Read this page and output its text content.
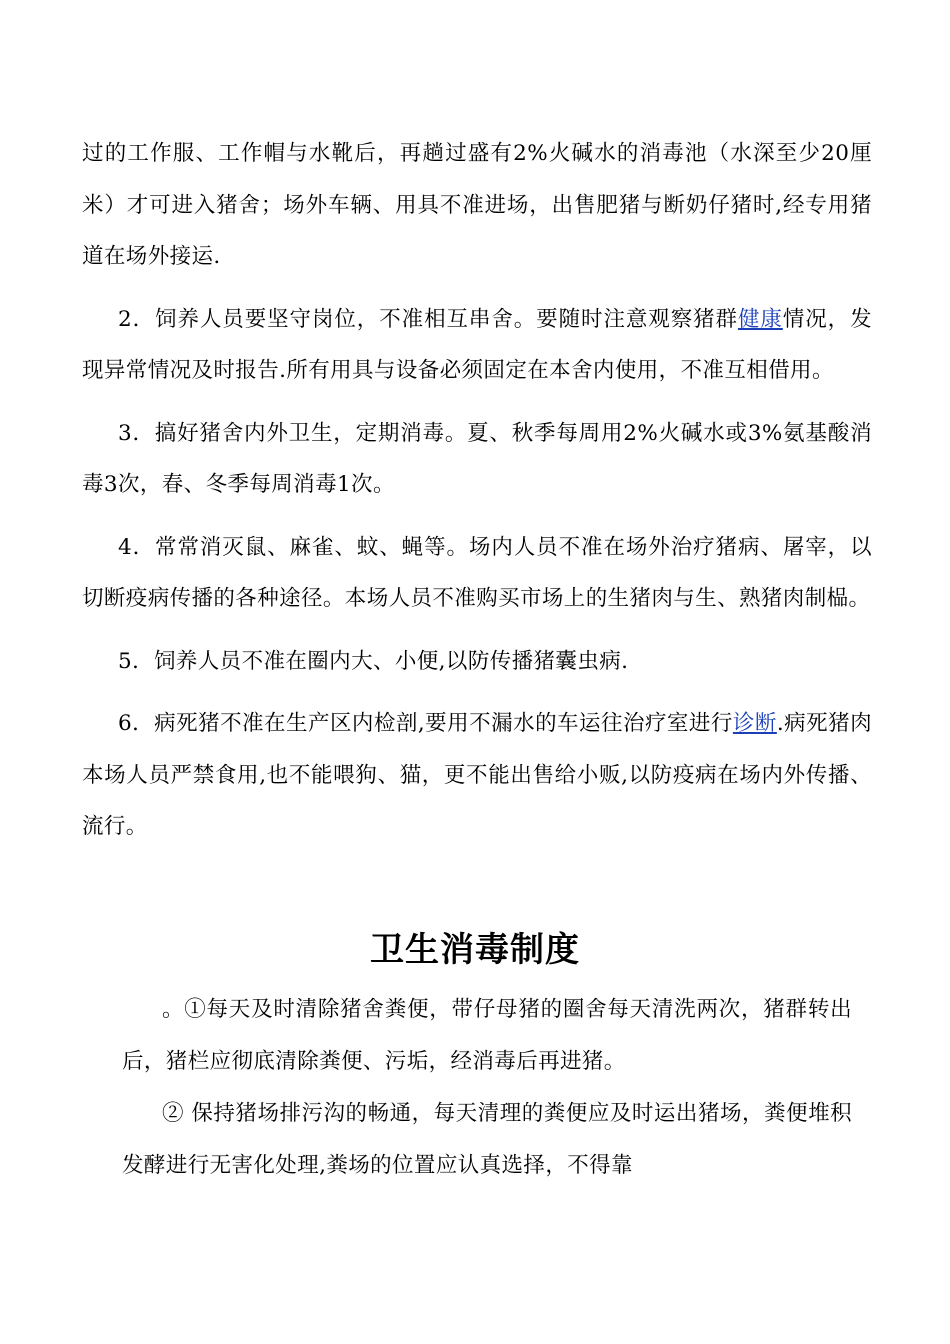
过的工作服、工作帽与水靴后，再趟过盛有2%火碱水的消毒池（水深至少20厘米）才可进入猪舍；场外车辆、用具不准进场，出售肥猪与断奶仔猪时,经专用猪道在场外接运.

2．饲养人员要坚守岗位，不准相互串舍。要随时注意观察猪群健康情况，发现异常情况及时报告.所有用具与设备必须固定在本舍内使用，不准互相借用。

3．搞好猪舍内外卫生，定期消毒。夏、秋季每周用2%火碱水或3%氨基酸消毒3次，春、冬季每周消毒1次。

4．常常消灭鼠、麻雀、蚊、蝇等。场内人员不准在场外治疗猪病、屠宰，以切断疫病传播的各种途径。本场人员不准购买市场上的生猪肉与生、熟猪肉制榀。

5．饲养人员不准在圈内大、小便,以防传播猪囊虫病.

6．病死猪不准在生产区内检剖,要用不漏水的车运往治疗室进行诊断.病死猪肉本场人员严禁食用,也不能喂狗、猫，更不能出售给小贩,以防疫病在场内外传播、流行。

卫生消毒制度

。①每天及时清除猪舍粪便，带仔母猪的圈舍每天清洗两次，猪群转出后，猪栏应彻底清除粪便、污垢，经消毒后再进猪。

② 保持猪场排污沟的畅通，每天清理的粪便应及时运出猪场，粪便堆积发酵进行无害化处理,粪场的位置应认真选择，不得靠
